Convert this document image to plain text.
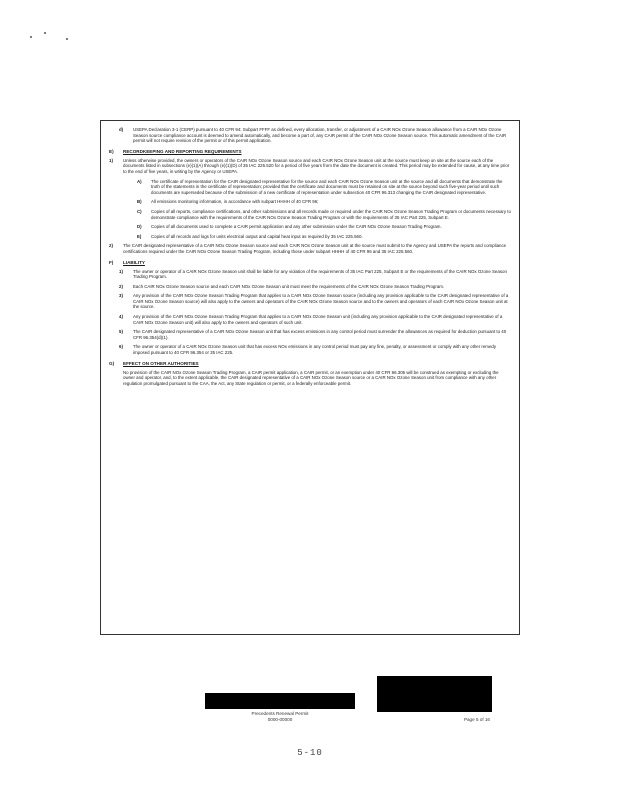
d) USEPA Declaration 3-1 (CERP) pursuant to 40 CFR 94: Subpart FFFF as defined, every allocation, transfer, or adjustment of a CAIR NOx Ozone Season allowance from a CAIR NOx Ozone Season source compliance account is deemed to amend automatically, and become a part of, any CAIR permit of the CAIR NOx Ozone Season source. This automatic amendment of the CAIR permit will not require revision of the permit or of this permit application.
E) RECORDKEEPING AND REPORTING REQUIREMENTS
1) Unless otherwise provided, the owners or operators of the CAIR NOx Ozone Season source and each CAIR NOx Ozone Season unit at the source must keep on site at the source each of the documents listed in subsections (e)(1)(A) through (e)(1)(D) of 35 IAC 225.520 for a period of five years from the date the document is created. This period may be extended for cause, at any time prior to the end of five years, in writing by the Agency or USEPA.
A) The certificate of representation for the CAIR designated representative for the source and each CAIR NOx Ozone Season unit at the source and all documents that demonstrate the truth of the statements in the certificate of representation; provided that the certificate and documents must be retained on site at the source beyond such five-year period until such documents are superseded because of the submission of a new certificate of representation under subsection 40 CFR 96.313 changing the CAIR designated representative.
B) All emissions monitoring information, in accordance with subpart HHHH of 40 CFR 96;
C) Copies of all reports, compliance certifications, and other submissions and all records made or required under the CAIR NOx Ozone Season Trading Program or documents necessary to demonstrate compliance with the requirements of the CAIR NOx Ozone Season Trading Program or with the requirements of 35 IAC Part 225, Subpart E.
D) Copies of all documents used to complete a CAIR permit application and any other submission under the CAIR NOx Ozone Season Trading Program.
E) Copies of all records and logs for units electrical output and capital heat input as required by 35 IAC 225.560.
2) The CAIR designated representative of a CAIR NOx Ozone Season source and each CAIR NOx Ozone Season unit at the source must submit to the Agency and USEPA the reports and compliance certifications required under the CAIR NOx Ozone Season Trading Program, including those under subpart HHHH of 40 CFR 96 and 35 IAC 225.560.
F) LIABILITY
1) The owner or operator of a CAIR NOx Ozone Season unit shall be liable for any violation of the requirements of 35 IAC Part 225, Subpart E or the requirements of the CAIR NOx Ozone Season Trading Program.
2) Each CAIR NOx Ozone Season source and each CAIR NOx Ozone Season unit must meet the requirements of the CAIR NOx Ozone Season Trading Program.
3) Any provision of the CAIR NOx Ozone Season Trading Program that applies to a CAIR NOx Ozone Season source (including any provision applicable to the CAIR designated representative of a CAIR NOx Ozone Season source) will also apply to the owners and operators of the CAIR NOx Ozone Season source and to the owners and operators of each CAIR NOx Ozone Season unit at the source.
4) Any provision of the CAIR NOx Ozone Season Trading Program that applies to a CAIR NOx Ozone Season unit (including any provision applicable to the CAIR designated representative of a CAIR NOx Ozone Season unit) will also apply to the owners and operators of such unit.
5) The CAIR designated representative of a CAIR NOx Ozone Season unit that has excess emissions in any control period must surrender the allowances as required for deduction pursuant to 40 CFR 96.354(d)(1).
6) The owner or operator of a CAIR NOx Ozone Season unit that has excess NOx emissions in any control period must pay any fine, penalty, or assessment or comply with any other remedy imposed pursuant to 40 CFR 96.354 or 35 IAC 225.
G) EFFECT ON OTHER AUTHORITIES
No provision of the CAIR NOx Ozone Season Trading Program, a CAIR permit application, a CAIR permit, or an exemption under 40 CFR 96.305 will be construed as exempting or excluding the owner and operator, and, to the extent applicable, the CAIR designated representative of a CAIR NOx Ozone Season source or a CAIR NOx Ozone Season unit from compliance with any other regulation promulgated pursuant to the CAA, the Act, any State regulation or permit, or a federally enforceable permit.
Precedents Renewal Permit
0000-00000	Page 5 of 16
5-10
